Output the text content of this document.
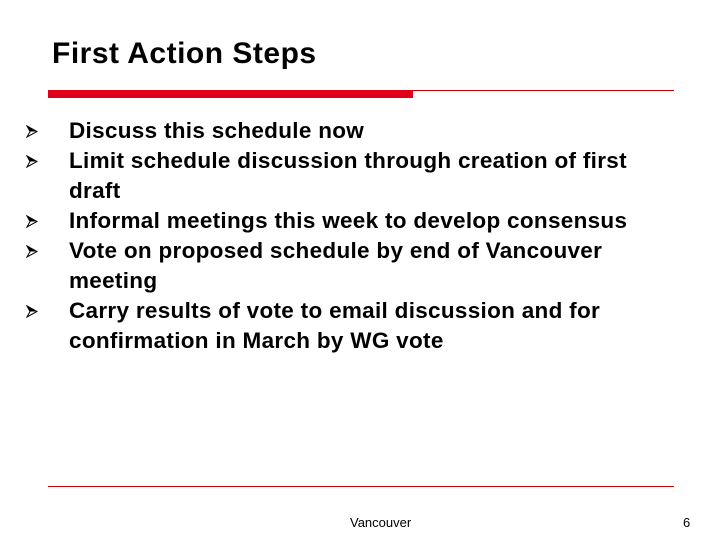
First Action Steps
Discuss this schedule now
Limit schedule discussion through creation of first draft
Informal meetings this week to develop consensus
Vote on proposed schedule by end of Vancouver meeting
Carry results of vote to email discussion and for confirmation in March by WG vote
Vancouver	6
